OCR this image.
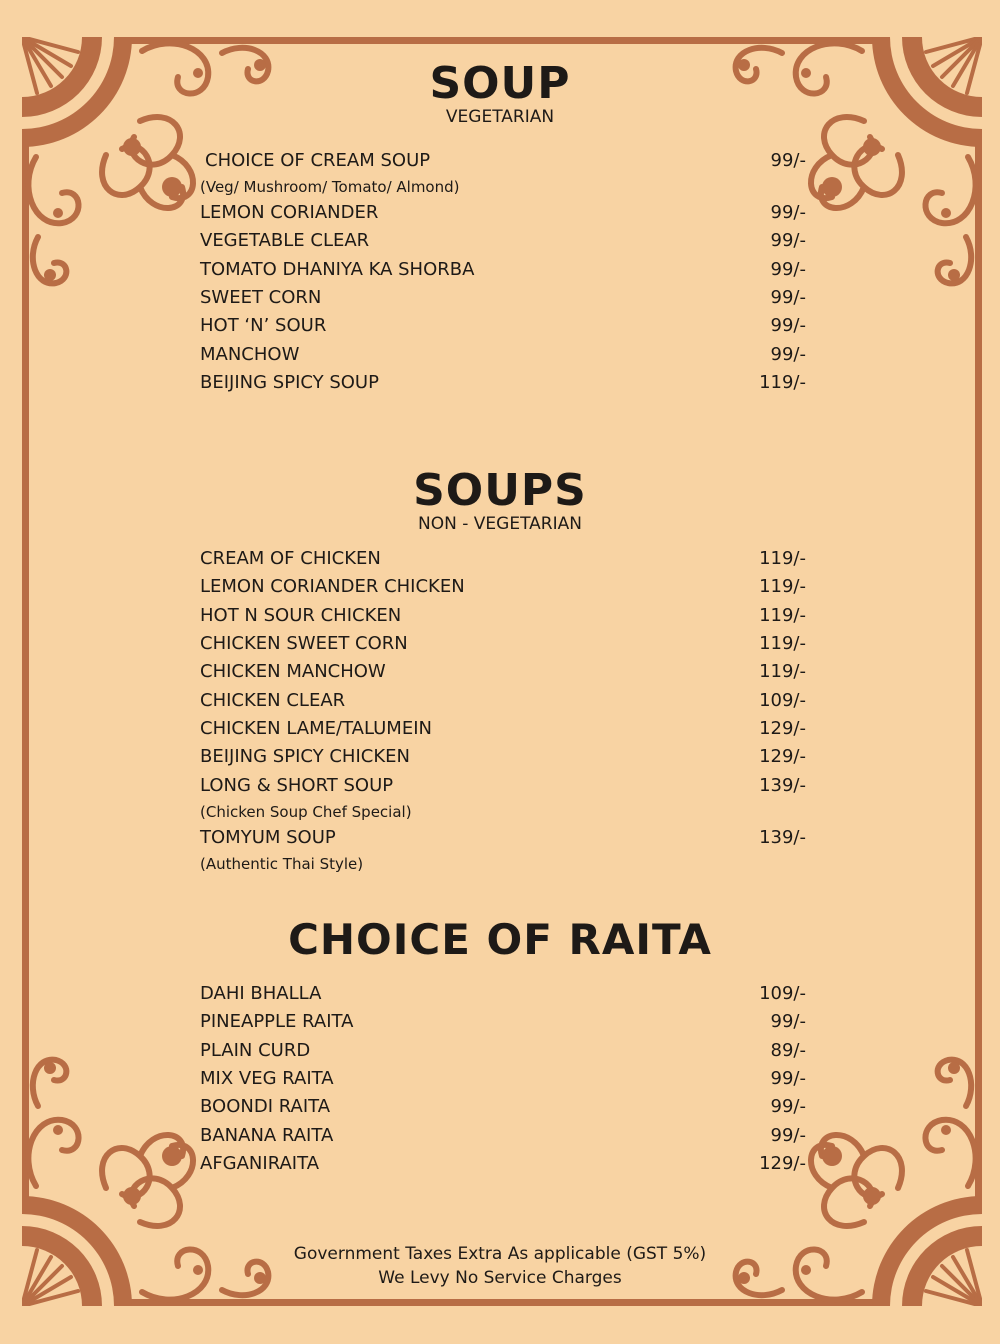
SOUP
VEGETARIAN
CHOICE OF CREAM SOUP	99/-
(Veg/ Mushroom/ Tomato/ Almond)
LEMON CORIANDER	99/-
VEGETABLE CLEAR	99/-
TOMATO DHANIYA KA SHORBA	99/-
SWEET CORN	99/-
HOT ‘N’ SOUR	99/-
MANCHOW	99/-
BEIJING SPICY SOUP	119/-
SOUPS
NON - VEGETARIAN
CREAM OF CHICKEN	119/-
LEMON CORIANDER CHICKEN	119/-
HOT N SOUR CHICKEN	119/-
CHICKEN SWEET CORN	119/-
CHICKEN MANCHOW	119/-
CHICKEN CLEAR	109/-
CHICKEN LAME/TALUMEIN	129/-
BEIJING SPICY CHICKEN	129/-
LONG & SHORT SOUP	139/-
(Chicken Soup Chef Special)
TOMYUM SOUP	139/-
(Authentic Thai Style)
CHOICE OF RAITA
DAHI BHALLA	109/-
PINEAPPLE RAITA	99/-
PLAIN CURD	89/-
MIX VEG RAITA	99/-
BOONDI RAITA	99/-
BANANA RAITA	99/-
AFGANIRAITA	129/-
Government Taxes Extra As applicable (GST 5%)
We Levy No Service Charges
